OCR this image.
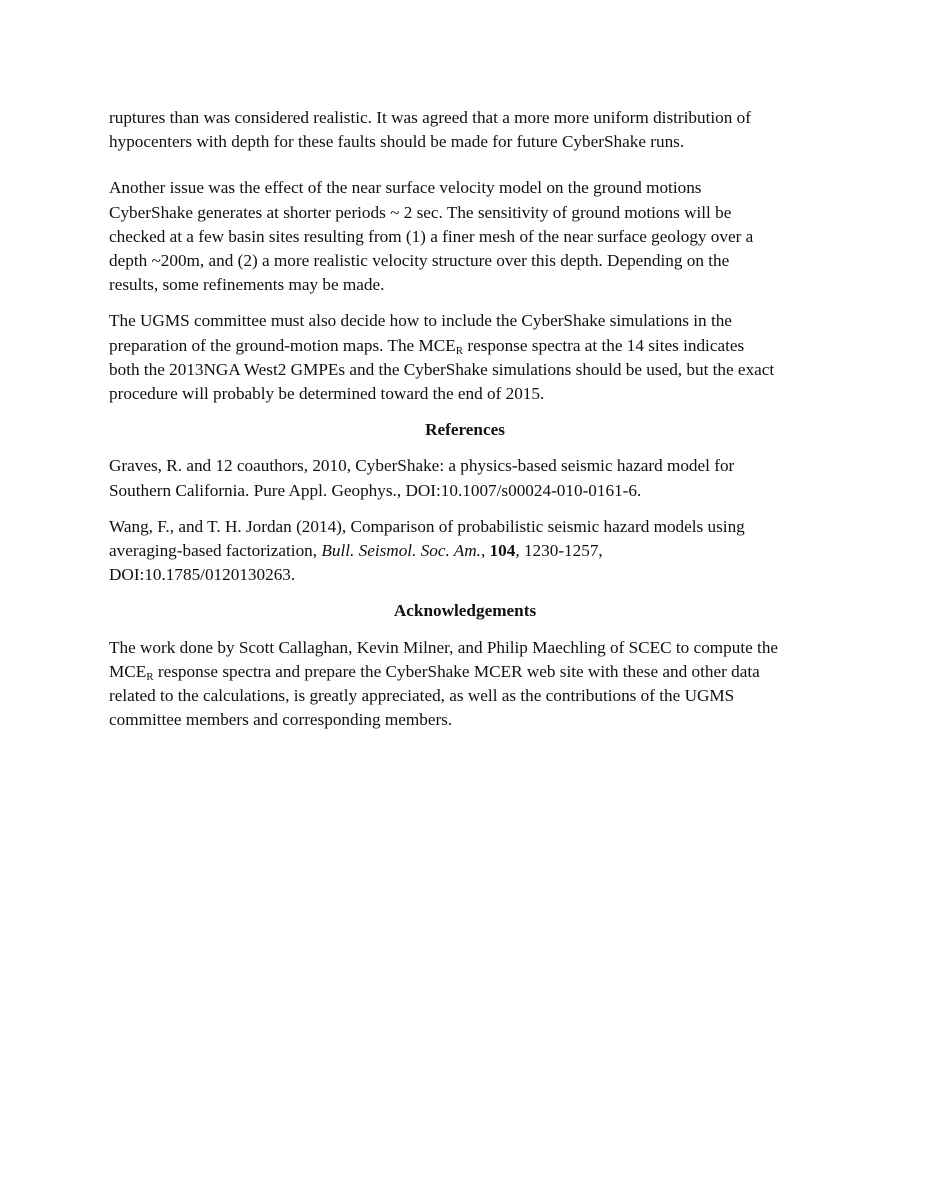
ruptures than was considered realistic. It was agreed that a more more uniform distribution of
hypocenters with depth for these faults should be made for future CyberShake runs.

Another issue was the effect of the near surface velocity model on the ground motions
CyberShake generates at shorter periods ~ 2 sec. The sensitivity of ground motions will be
checked at a few basin sites resulting from (1) a finer mesh of the near surface geology over a
depth ~200m, and (2) a more realistic velocity structure over this depth. Depending on the
results, some refinements may be made.

The UGMS committee must also decide how to include the CyberShake simulations in the
preparation of the ground-motion maps. The $MCE_R$ response spectra at the 14 sites indicates
both the 2013NGA West2 GMPEs and the CyberShake simulations should be used, but the exact
procedure will probably be determined toward the end of 2015.

References

Graves, R. and 12 coauthors, 2010, CyberShake: a physics-based seismic hazard model for
Southern California. Pure Appl. Geophys., DOI:10.1007/s00024-010-0161-6.

Wang, F., and T. H. Jordan (2014), Comparison of probabilistic seismic hazard models using
averaging-based factorization, Bull. Seismol. Soc. Am., 104, 1230-1257,
DOI:10.1785/0120130263.

Acknowledgements

The work done by Scott Callaghan, Kevin Milner, and Philip Maechling of SCEC to compute the
$MCE_R$ response spectra and prepare the CyberShake MCER web site with these and other data
related to the calculations, is greatly appreciated, as well as the contributions of the UGMS
committee members and corresponding members.
